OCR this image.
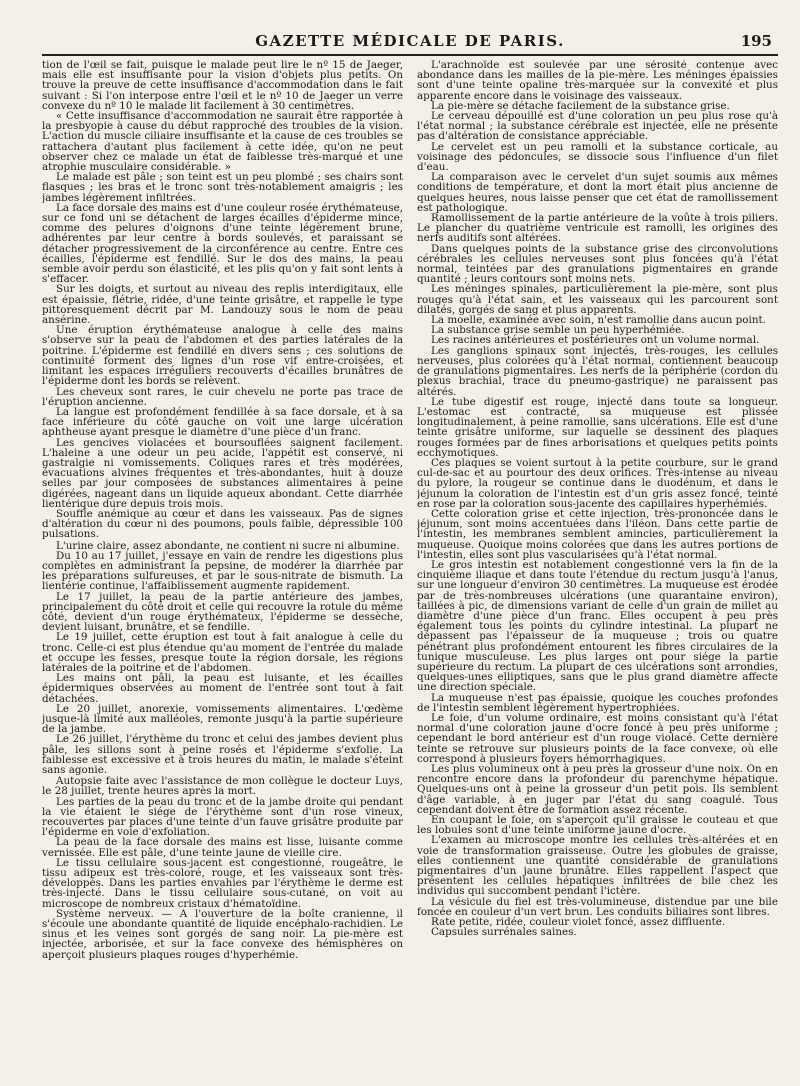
GAZETTE MÉDICALE DE PARIS.	195

tion de l'œil se fait, puisque le malade peut lire le nº 15 de Jaeger, mais elle est insuffisante pour la vision d'objets plus petits. On trouve la preuve de cette insuffisance d'accommodation dans le fait suivant : Si l'on interpose entre l'œil et le nº 10 de Jaeger un verre convexe du nº 10 le malade lit facilement à 30 centimètres.

« Cette insuffisance d'accommodation ne saurait être rapportée à la presbyopie à cause du début rapproché des troubles de la vision. L'action du muscle ciliaire insuffisante et la cause de ces troubles se rattachera d'autant plus facilement à cette idée, qu'on ne peut observer chez ce malade un état de faiblesse très-marqué et une atrophie musculaire considérable. »

Le malade est pâle ; son teint est un peu plombé ; ses chairs sont flasques ; les bras et le tronc sont très-notablement amaigris ; les jambes légèrement infiltrées.

La face dorsale des mains est d'une couleur rosée érythémateuse, sur ce fond uni se détachent de larges écailles d'épiderme mince, comme des pelures d'oignons d'une teinte légèrement brune, adhérentes par leur centre à bords soulevés, et paraissant se détacher progressivement de la circonférence au centre. Entre ces écailles, l'épiderme est fendillé. Sur le dos des mains, la peau semble avoir perdu son élasticité, et les plis qu'on y fait sont lents à s'effacer.

Sur les doigts, et surtout au niveau des replis interdigitaux, elle est épaissie, flétrie, ridée, d'une teinte grisâtre, et rappelle le type pittoresquement décrit par M. Landouzy sous le nom de peau ansérine.

Une éruption érythémateuse analogue à celle des mains s'observe sur la peau de l'abdomen et des parties latérales de la poitrine. L'épiderme est fendillé en divers sens ; ces solutions de continuité forment des lignes d'un rose vif entre-croisées, et limitant les espaces irréguliers recouverts d'écailles brunâtres de l'épiderme dont les bords se relèvent.

Les cheveux sont rares, le cuir chevelu ne porte pas trace de l'éruption ancienne.

La langue est profondément fendillée à sa face dorsale, et à sa face inférieure du côté gauche on voit une large ulcération aphtheuse ayant presque le diamètre d'une pièce d'un franc.

Les gencives violacées et boursouflées saignent facilement. L'haleine a une odeur un peu acide, l'appétit est conservé, ni gastralgie ni vomissements. Coliques rares et très modérées, évacuations alvines fréquentes et très-abondantes, huit à douze selles par jour composées de substances alimentaires à peine digérées, nageant dans un liquide aqueux abondant. Cette diarrhée lientérique dure depuis trois mois.

Souffle anémique au cœur et dans les vaisseaux. Pas de signes d'altération du cœur ni des poumons, pouls faible, dépressible 100 pulsations.

L'urine claire, assez abondante, ne contient ni sucre ni albumine.

Du 10 au 17 juillet, j'essaye en vain de rendre les digestions plus complètes en administrant la pepsine, de modérer la diarrhée par les préparations sulfureuses, et par le sous-nitrate de bismuth. La lientérie continue, l'affaiblissement augmente rapidement.

Le 17 juillet, la peau de la partie antérieure des jambes, principalement du côté droit et celle qui recouvre la rotule du même côté, devient d'un rouge érythémateux, l'épiderme se dessèche, devient luisant, brunâtre, et se fendille.

Le 19 juillet, cette éruption est tout à fait analogue à celle du tronc. Celle-ci est plus étendue qu'au moment de l'entrée du malade et occupe les fesses, presque toute la région dorsale, les régions latérales de la poitrine et de l'abdomen.

Les mains ont pâli, la peau est luisante, et les écailles épidermiques observées au moment de l'entrée sont tout à fait détachées.

Le 20 juillet, anorexie, vomissements alimentaires. L'œdème jusque-là limité aux malléoles, remonte jusqu'à la partie supérieure de la jambe.

Le 26 juillet, l'érythème du tronc et celui des jambes devient plus pâle, les sillons sont à peine rosés et l'épiderme s'exfolie. La faiblesse est excessive et à trois heures du matin, le malade s'éteint sans agonie.

Autopsie faite avec l'assistance de mon collègue le docteur Luys, le 28 juillet, trente heures après la mort.

Les parties de la peau du tronc et de la jambe droite qui pendant la vie étaient le siége de l'érythème sont d'un rose vineux, recouvertes par places d'une teinte d'un fauve grisâtre produite par l'épiderme en voie d'exfoliation.

La peau de la face dorsale des mains est lisse, luisante comme vernissée. Elle est pâle, d'une teinte jaune de vieille cire.

Le tissu cellulaire sous-jacent est congestionné, rougeâtre, le tissu adipeux est très-coloré, rouge, et les vaisseaux sont très-développés. Dans les parties envahies par l'érythème le derme est très-injecté. Dans le tissu cellulaire sous-cutané, on voit au microscope de nombreux cristaux d'hématoïdine.

Système nerveux. — A l'ouverture de la boîte cranienne, il s'écoule une abondante quantité de liquide encéphalo-rachidien. Le sinus et les veines sont gorgés de sang noir. La pie-mère est injectée, arborisée, et sur la face convexe des hémisphères on aperçoit plusieurs plaques rouges d'hyperhémie.

L'arachnoïde est soulevée par une sérosité contenue avec abondance dans les mailles de la pie-mère. Les méninges épaissies sont d'une teinte opaline très-marquée sur la convexité et plus apparente encore dans le voisinage des vaisseaux.

La pie-mère se détache facilement de la substance grise.

Le cerveau dépouillé est d'une coloration un peu plus rose qu'à l'état normal ; la substance cérébrale est injectée, elle ne présente pas d'altération de consistance appréciable.

Le cervelet est un peu ramolli et la substance corticale, au voisinage des pédoncules, se dissocie sous l'influence d'un filet d'eau.

La comparaison avec le cervelet d'un sujet soumis aux mêmes conditions de température, et dont la mort était plus ancienne de quelques heures, nous laisse penser que cet état de ramollissement est pathologique.

Ramollissement de la partie antérieure de la voûte à trois piliers. Le plancher du quatrième ventricule est ramolli, les origines des nerfs auditifs sont altérées.

Dans quelques points de la substance grise des circonvolutions cérébrales les cellules nerveuses sont plus foncées qu'à l'état normal, teintées par des granulations pigmentaires en grande quantité ; leurs contours sont moins nets.

Les méninges spinales, particulièrement la pie-mère, sont plus rouges qu'à l'état sain, et les vaisseaux qui les parcourent sont dilatés, gorgés de sang et plus apparents.

La moelle, examinée avec soin, n'est ramollie dans aucun point.

La substance grise semble un peu hyperhémiée.

Les racines antérieures et postérieures ont un volume normal.

Les ganglions spinaux sont injectés, très-rouges, les cellules nerveuses, plus colorées qu'à l'état normal, contiennent beaucoup de granulations pigmentaires. Les nerfs de la périphérie (cordon du plexus brachial, trace du pneumo-gastrique) ne paraissent pas altérés.

Le tube digestif est rouge, injecté dans toute sa longueur. L'estomac est contracté, sa muqueuse est plissée longitudinalement, à peine ramollie, sans ulcérations. Elle est d'une teinte grisâtre uniforme, sur laquelle se dessinent des plaques rouges formées par de fines arborisations et quelques petits points ecchymotiques.

Ces plaques se voient surtout à la petite courbure, sur le grand cul-de-sac et au pourtour des deux orifices. Très-intense au niveau du pylore, la rougeur se continue dans le duodénum, et dans le jéjunum la coloration de l'intestin est d'un gris assez foncé, teinté en rose par la coloration sous-jacente des capillaires hyperhémiés.

Cette coloration grise et cette injection, très-prononcée dans le jéjunum, sont moins accentuées dans l'iléon. Dans cette partie de l'intestin, les membranes semblent amincies, particulièrement la muqueuse. Quoique moins colorées que dans les autres portions de l'intestin, elles sont plus vascularisées qu'à l'état normal.

Le gros intestin est notablement congestionné vers la fin de la cinquième iliaque et dans toute l'étendue du rectum jusqu'à l'anus, sur une longueur d'environ 30 centimètres. La muqueuse est érodée par de très-nombreuses ulcérations (une quarantaine environ), taillées à pic, de dimensions variant de celle d'un grain de millet au diamètre d'une pièce d'un franc. Elles occupent à peu près également tous les points du cylindre intestinal. La plupart ne dépassent pas l'épaisseur de la muqueuse ; trois ou quatre pénétrant plus profondément entourent les fibres circulaires de la tunique musculeuse. Les plus larges ont pour siége la partie supérieure du rectum. La plupart de ces ulcérations sont arrondies, quelques-unes elliptiques, sans que le plus grand diamètre affecte une direction spéciale.

La muqueuse n'est pas épaissie, quoique les couches profondes de l'intestin semblent légèrement hypertrophiées.

Le foie, d'un volume ordinaire, est moins consistant qu'à l'état normal d'une coloration jaune d'ocre foncé à peu près uniforme ; cependant le bord antérieur est d'un rouge violacé. Cette dernière teinte se retrouve sur plusieurs points de la face convexe, où elle correspond à plusieurs foyers hémorrhagiques.

Les plus volumineux ont à peu près la grosseur d'une noix. On en rencontre encore dans la profondeur du parenchyme hépatique. Quelques-uns ont à peine la grosseur d'un petit pois. Ils semblent d'âge variable, à en juger par l'état du sang coagulé. Tous cependant doivent être de formation assez récente.

En coupant le foie, on s'aperçoit qu'il graisse le couteau et que les lobules sont d'une teinte uniforme jaune d'ocre.

L'examen au microscope montre les cellules très-altérées et en voie de transformation graisseuse. Outre les globules de graisse, elles contiennent une quantité considérable de granulations pigmentaires d'un jaune brunâtre. Elles rappellent l'aspect que présentent les cellules hépatiques infiltrées de bile chez les individus qui succombent pendant l'ictère.

La vésicule du fiel est très-volumineuse, distendue par une bile foncée en couleur d'un vert brun. Les conduits biliaires sont libres.

Rate petite, ridée, couleur violet foncé, assez diffluente.

Capsules surrénales saines.
